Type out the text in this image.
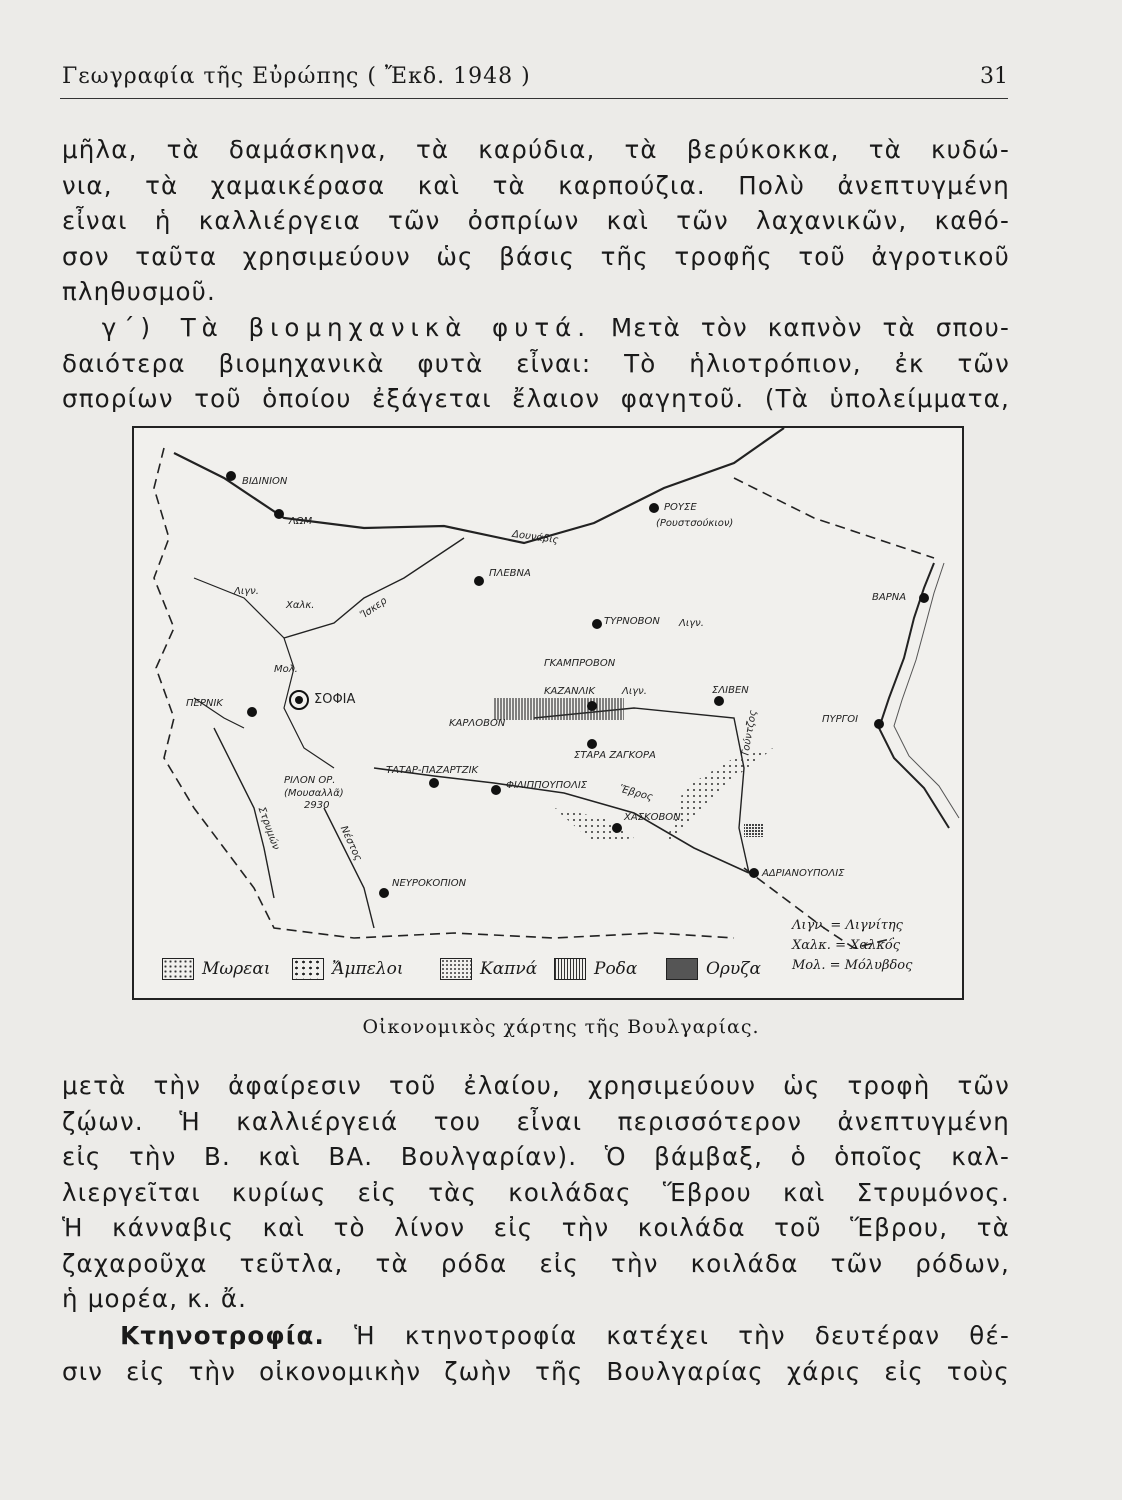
Γεωγραφία τῆς Εὐρώπης ( Ἔκδ. 1948 )	31
μῆλα, τὰ δαμάσκηνα, τὰ καρύδια, τὰ βερύκοκκα, τὰ κυδώ-
νια, τὰ χαμαικέρασα καὶ τὰ καρπούζια. Πολὺ ἀνεπτυγμένη
εἶναι ἡ καλλιέργεια τῶν ὀσπρίων καὶ τῶν λαχανικῶν, καθό-
σον ταῦτα χρησιμεύουν ὡς βάσις τῆς τροφῆς τοῦ ἀγροτικοῦ
πληθυσμοῦ.
γ΄) Τὰ βιομηχανικὰ φυτά. Μετὰ τὸν καπνὸν τὰ σπου-
δαιότερα βιομηχανικὰ φυτὰ εἶναι: Τὸ ἡλιοτρόπιον, ἐκ τῶν
σπορίων τοῦ ὁποίου ἐξάγεται ἔλαιον φαγητοῦ. (Τὰ ὑπολείμματα,
ΒΙΔΙΝΙΟΝ
ΛΩΜ
ΡΟΥΣΕ
(Ρουστσούκιον)
Δουνάβις
ΠΛΕΒΝΑ
ΒΑΡΝΑ
Ἴσκερ	ΤΥΡΝΟΒΟΝ
ΓΚΑΜΠΡΟΒΟΝ
ΚΑΖΑΝΛΙΚ	ΣΛΙΒΕΝ
ΠΥΡΓΟΙ
ΣΟΦΙΑ
ΠΕΡΝΙΚ
ΚΑΡΛΟΒΟΝ
ΣΤΑΡΑ ΖΑΓΚΟΡΑ
ΤΑΤΑΡ-ΠΑΖΑΡΤΖΙΚ
ΦΙΛΙΠΠΟΥΠΟΛΙΣ
ΡΙΛΟΝ ΟΡ.
(Μουσαλλᾶ)
2930
Ἕβρος
ΧΑΣΚΟΒΟΝ
ΑΔΡΙΑΝΟΥΠΟΛΙΣ
ΝΕΥΡΟΚΟΠΙΟΝ
Στρυμών	Νέστος
Τούντζος
Λιγν.
Χαλκ.
Μολ.
Λιγν.
Λιγν.
Μωρεαι	Ἄμπελοι	Καπνά	Ροδα	Ορυζα
Λιγν. = Λιγνίτης
Χαλκ. = Χαλκός
Μολ. = Μόλυβδος
Οἰκονομικὸς χάρτης τῆς Βουλγαρίας.
μετὰ τὴν ἀφαίρεσιν τοῦ ἐλαίου, χρησιμεύουν ὡς τροφὴ τῶν
ζῴων. Ἡ καλλιέργειά του εἶναι περισσότερον ἀνεπτυγμένη
εἰς τὴν Β. καὶ ΒΑ. Βουλγαρίαν). Ὁ βάμβαξ, ὁ ὁποῖος καλ-
λιεργεῖται κυρίως εἰς τὰς κοιλάδας Ἕβρου καὶ Στρυμόνος.
Ἡ κάνναβις καὶ τὸ λίνον εἰς τὴν κοιλάδα τοῦ Ἕβρου, τὰ
ζαχαροῦχα τεῦτλα, τὰ ρόδα εἰς τὴν κοιλάδα τῶν ρόδων,
ἡ μορέα, κ. ἄ.
Κτηνοτροφία. Ἡ κτηνοτροφία κατέχει τὴν δευτέραν θέ-
σιν εἰς τὴν οἰκονομικὴν ζωὴν τῆς Βουλγαρίας χάρις εἰς τοὺς
